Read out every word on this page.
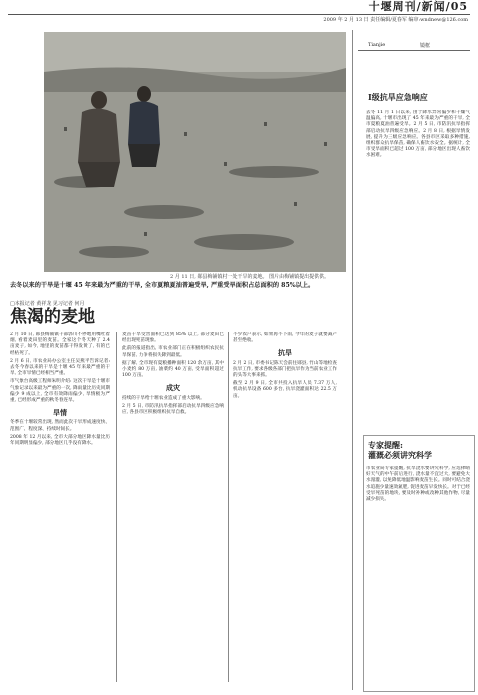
十堰周刊/新闻/05
2009 年 2 月 13 日 责任编辑/夏春军 编审:wndnew@126.com
2 月 11 日, 郧县梅铺镇村一处干旱的麦地。 图片由梅铺镇提出提供供。
去冬以来的干旱是十堰 45 年来最为严重的干旱, 全市夏粮夏油普遍受旱, 严重受旱面积占总面积的 85%以上。
□本报记者 黄祥龙 见习记者 何月
焦渴的麦地

2 月 10 日, 郧县梅铺镇干部郭川不停地用嘴吐着烟, 看着麦田里的麦苗。全家这个冬天种了 2.4 亩麦子, 如今, 地里的麦苗都干得发黄了, 有的已经枯死了。

2 月 6 日, 市农业局办公室主任吴燕平告诉记者: 去冬今春以来的干旱是十堰 45 年来最严重的干旱, 全市旱情已经相当严重。

市气象台高级工程师朱明介绍: 这次干旱是十堰市气象记录以来最为严重的一次, 降雨量比历史同期偏少 9 成以上, 全市有效降雨偏少, 旱情极为严重, 已经形成严重的秋冬春连旱。

旱情

冬季在十堰较常出现, 然而此次干旱形成速度快、范围广、程度深、持续时间长。

2008 年 12 月以来, 全市大部分地区降水量比历年同期明显偏少, 部分地区几乎没有降水。

麦苗干旱受害面积已达到 85% 以上, 部分麦田已经出现死苗现象。

此前的报道指出, 市农业部门正在积极组织农民抗旱保苗, 力争将损失降到最低。

据了解, 全市现有夏粮播种面积 120 余万亩, 其中小麦约 80 万亩, 油菜约 40 万亩, 受旱面积超过 100 万亩。

成灾

持续的干旱给十堰农业造成了重大影响。

2 月 5 日, 市防汛抗旱指挥部启动抗旱四级应急响应, 各县市区积极组织抗旱自救。

不少农户表示, 如果再不下雨, 今年的麦子就要减产甚至绝收。

抗旱

2 月 2 日, 市委书记陈天会前往郧县, 竹山等地检查抗旱工作, 要求各级各部门把抗旱作为当前农业工作的头等大事来抓。

截至 2 月 9 日, 全市共投入抗旱人员 7.37 万人, 机动抗旱设备 600 多台, 抗旱浇灌面积达 22.5 万亩。

Tianjie	镜框
Ⅰ级抗旱应急响应
去冬 11 月 1 日以来, 由于降水异常偏少和干燥气温偏高, 十堰市出现了 45 年来最为严重的干旱, 全市夏粮夏油普遍受旱。2 月 5 日, 市防汛抗旱指挥部启动抗旱四级应急响应。2 月 8 日, 根据旱情发展, 提升为三级应急响应。各县市区采取多种措施, 组织群众抗旱保苗, 确保人畜饮水安全。据统计, 全市受旱面积已超过 100 万亩, 部分地区出现人畜饮水困难。
专家提醒:
灌溉必须讲究科学
市农业局专家提醒, 抗旱浇水要讲究科学, 应选择晴好天气的中午前后进行, 浇水量不宜过大, 要避免大水漫灌, 以免降低地温影响麦苗生长。同时可结合浇水追施少量速效氮肥, 促进麦苗早发快长。对于已经受旱死苗的地块, 要及时补种或改种其他作物, 尽量减少损失。
